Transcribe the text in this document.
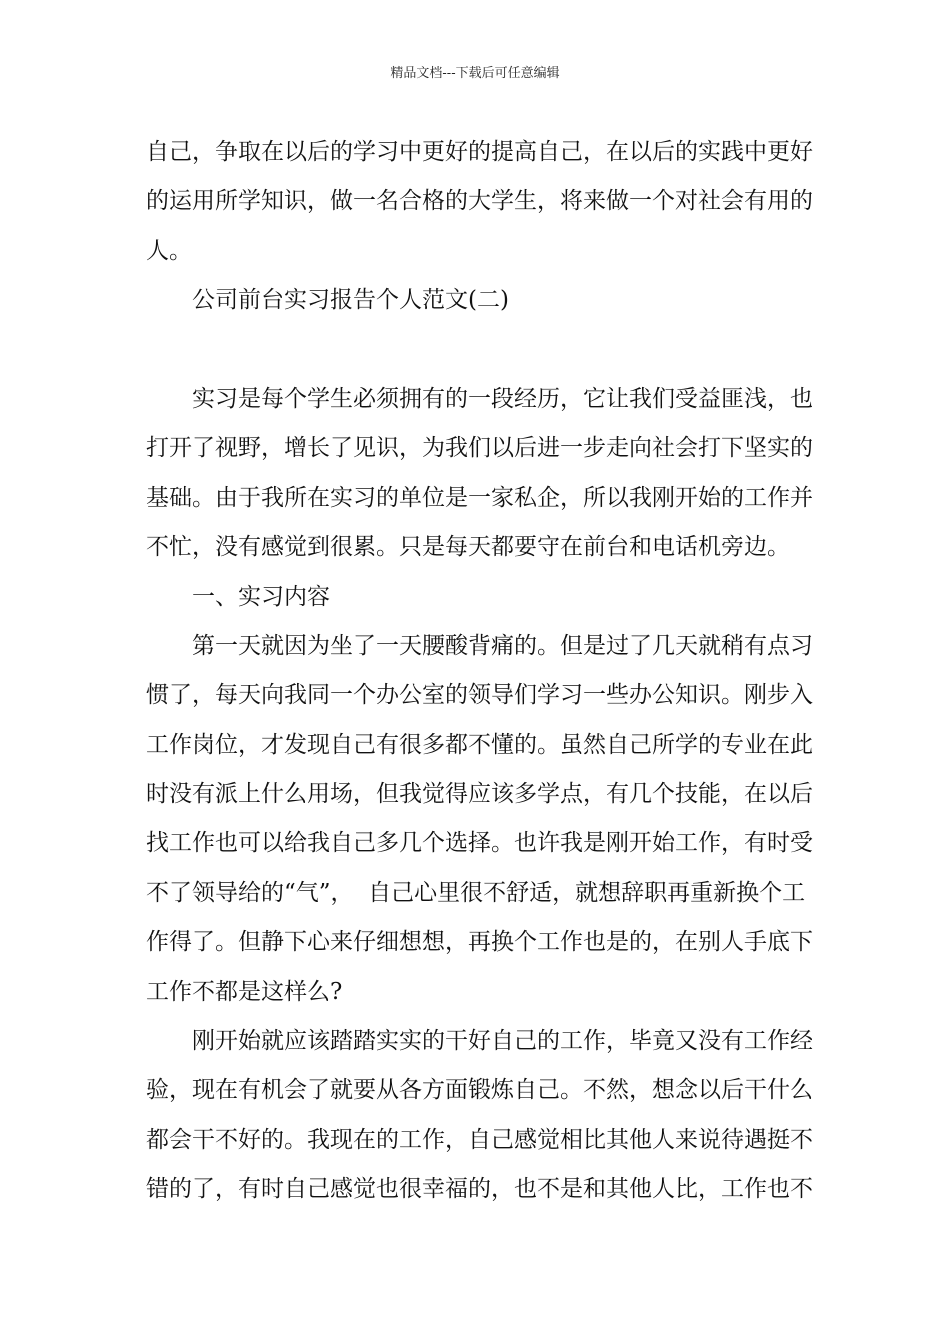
精品文档---下载后可任意编辑
自己，争取在以后的学习中更好的提高自己，在以后的实践中更好
的运用所学知识，做一名合格的大学生，将来做一个对社会有用的
人。
公司前台实习报告个人范文(二)
实习是每个学生必须拥有的一段经历，它让我们受益匪浅，也
打开了视野，增长了见识，为我们以后进一步走向社会打下坚实的
基础。由于我所在实习的单位是一家私企，所以我刚开始的工作并
不忙，没有感觉到很累。只是每天都要守在前台和电话机旁边。
一、实习内容
第一天就因为坐了一天腰酸背痛的。但是过了几天就稍有点习
惯了，每天向我同一个办公室的领导们学习一些办公知识。刚步入
工作岗位，才发现自己有很多都不懂的。虽然自己所学的专业在此
时没有派上什么用场，但我觉得应该多学点，有几个技能，在以后
找工作也可以给我自己多几个选择。也许我是刚开始工作，有时受
不了领导给的“气”，  自己心里很不舒适，就想辞职再重新换个工
作得了。但静下心来仔细想想，再换个工作也是的，在别人手底下
工作不都是这样么?
刚开始就应该踏踏实实的干好自己的工作，毕竟又没有工作经
验，现在有机会了就要从各方面锻炼自己。不然，想念以后干什么
都会干不好的。我现在的工作，自己感觉相比其他人来说待遇挺不
错的了，有时自己感觉也很幸福的，也不是和其他人比，工作也不
